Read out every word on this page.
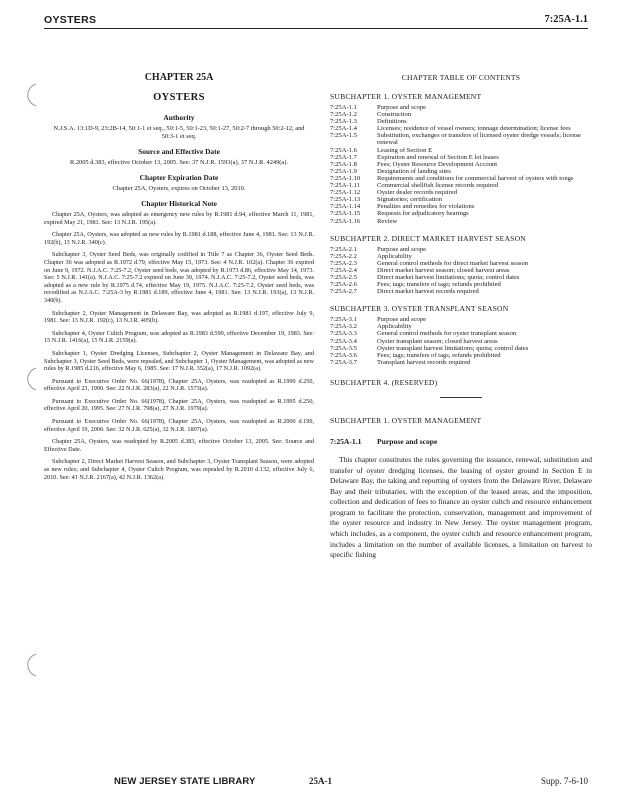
OYSTERS	7:25A-1.1
CHAPTER 25A
OYSTERS
Authority
N.J.S.A. 13:1D-9, 23:2B-14, 50:1-1 et seq., 50:1-5, 50:1-23, 50:1-27, 50:2-7 through 50:2-12, and 50:3-1 et seq.
Source and Effective Date
R.2005 d.383, effective October 13, 2005. See: 37 N.J.R. 1593(a), 37 N.J.R. 4249(a).
Chapter Expiration Date
Chapter 25A, Oysters, expires on October 13, 2010.
Chapter Historical Note

Chapter 25A, Oysters, was adopted as emergency new rules by R.1981 d.94, effective March 11, 1981, expired May 21, 1981. See: 13 N.J.R. 195(a).

Chapter 25A, Oysters, was adopted as new rules by R.1981 d.188, effective June 4, 1981. See: 13 N.J.R. 192(b), 13 N.J.R. 340(c).

Subchapter 3, Oyster Seed Beds, was originally codified in Title 7 as Chapter 36, Oyster Seed Beds. Chapter 36 was adopted as R.1972 d.79, effective May 15, 1973. See: 4 N.J.R. 102(a). Chapter 36 expired on June 9, 1972. N.J.A.C. 7:25-7.2, Oyster seed beds, was adopted by R.1973 d.86, effective May 14, 1973. See: 5 N.J.R. 141(a). N.J.A.C. 7:25-7.2 expired on June 30, 1974. N.J.A.C. 7:25-7.2, Oyster seed beds, was adopted as a new rule by R.1975 d.74, effective May 19, 1975. N.J.A.C. 7:25-7.2, Oyster seed beds, was recodified as N.J.A.C. 7:25A-3 by R.1981 d.189, effective June 4, 1981. See: 13 N.J.R. 193(a), 13 N.J.R. 340(b).

Subchapter 2, Oyster Management in Delaware Bay, was adopted as R.1981 d.197, effective July 9, 1981. See: 13 N.J.R. 192(c), 13 N.J.R. 405(b).

Subchapter 4, Oyster Cultch Program, was adopted as R.1983 d.590, effective December 19, 1983. See: 15 N.J.R. 1416(a), 15 N.J.R. 2159(a).

Subchapter 1, Oyster Dredging Licenses, Subchapter 2, Oyster Management in Delaware Bay, and Subchapter 3, Oyster Seed Beds, were repealed, and Subchapter 1, Oyster Management, was adopted as new rules by R.1985 d.216, effective May 6, 1985. See: 17 N.J.R. 352(a), 17 N.J.R. 1092(a).

Pursuant to Executive Order No. 66(1978), Chapter 25A, Oysters, was readopted as R.1990 d.250, effective April 23, 1990. See: 22 N.J.R. 283(a), 22 N.J.R. 1573(a).

Pursuant to Executive Order No. 66(1978), Chapter 25A, Oysters, was readopted as R.1995 d.250, effective April 20, 1995. See: 27 N.J.R. 798(a), 27 N.J.R. 1979(a).

Pursuant to Executive Order No. 66(1978), Chapter 25A, Oysters, was readopted as R.2000 d.199, effective April 19, 2000. See: 32 N.J.R. 625(a), 32 N.J.R. 1807(a).

Chapter 25A, Oysters, was readopted by R.2005 d.383, effective October 13, 2005. See: Source and Effective Date.

Subchapter 2, Direct Market Harvest Season, and Subchapter 3, Oyster Transplant Season, were adopted as new rules; and Subchapter 4, Oyster Cultch Program, was repealed by R.2010 d.132, effective July 6, 2010. See: 41 N.J.R. 2167(a), 42 N.J.R. 1362(a).

CHAPTER TABLE OF CONTENTS
SUBCHAPTER 1. OYSTER MANAGEMENT
7:25A-1.1	Purpose and scope
7:25A-1.2	Construction
7:25A-1.3	Definitions
7:25A-1.4	Licenses; residence of vessel owners; tonnage determination; license fees
7:25A-1.5	Substitution, exchanges or transfers of licensed oyster dredge vessels; license renewal
7:25A-1.6	Leasing of Section E
7:25A-1.7	Expiration and renewal of Section E lot leases
7:25A-1.8	Fees; Oyster Resource Development Account
7:25A-1.9	Designation of landing sites
7:25A-1.10	Requirements and conditions for commercial harvest of oysters with tongs
7:25A-1.11	Commercial shellfish license records required
7:25A-1.12	Oyster dealer records required
7:25A-1.13	Signatories; certification
7:25A-1.14	Penalties and remedies for violations
7:25A-1.15	Requests for adjudicatory hearings
7:25A-1.16	Review
SUBCHAPTER 2. DIRECT MARKET HARVEST SEASON
7:25A-2.1	Purpose and scope
7:25A-2.2	Applicability
7:25A-2.3	General control methods for direct market harvest season
7:25A-2.4	Direct market harvest season; closed harvest areas
7:25A-2.5	Direct market harvest limitations; quota; control dates
7:25A-2.6	Fees; tags; transfers of tags; refunds prohibited
7:25A-2.7	Direct market harvest records required
SUBCHAPTER 3. OYSTER TRANSPLANT SEASON
7:25A-3.1	Purpose and scope
7:25A-3.2	Applicability
7:25A-3.3	General control methods for oyster transplant season
7:25A-3.4	Oyster transplant season; closed harvest areas
7:25A-3.5	Oyster transplant harvest limitations; quota; control dates
7:25A-3.6	Fees; tags; transfers of tags, refunds prohibited
7:25A-3.7	Transplant harvest records required
SUBCHAPTER 4. (RESERVED)
SUBCHAPTER 1. OYSTER MANAGEMENT
7:25A-1.1 Purpose and scope

This chapter constitutes the rules governing the issuance, renewal, substitution and transfer of oyster dredging licenses, the leasing of oyster ground in Section E in Delaware Bay, the taking and reporting of oysters from the Delaware River, Delaware Bay and their tributaries, with the exception of the leased areas, and the imposition, collection and dedication of fees to finance an oyster cultch and resource enhancement program to facilitate the protection, conservation, management and improvement of the oyster resource and industry in New Jersey. The oyster management program, which includes, as a component, the oyster cultch and resource enhancement program, includes a limitation on the number of available licenses, a limitation on harvest to specific fishing

NEW JERSEY STATE LIBRARY	25A-1	Supp. 7-6-10
